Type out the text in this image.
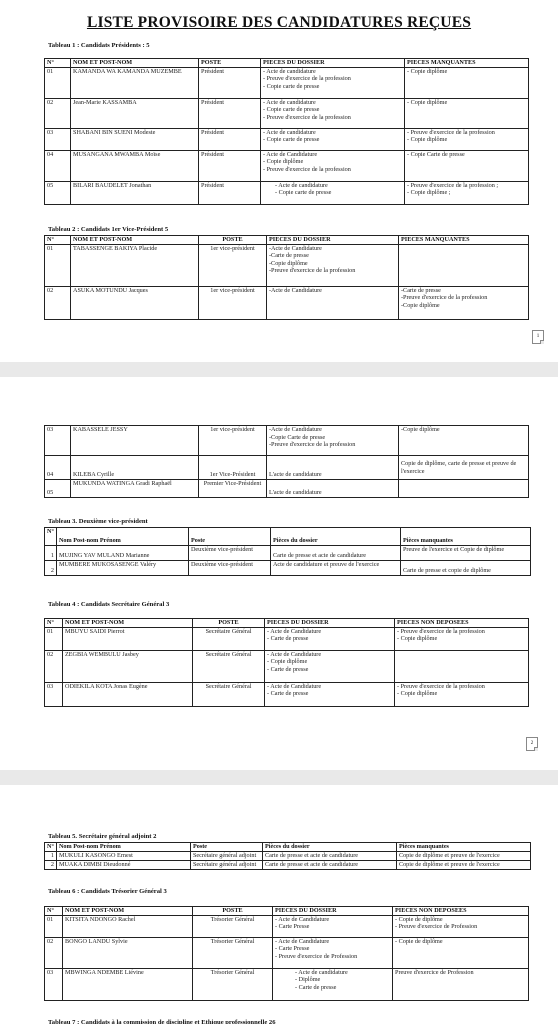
LISTE PROVISOIRE DES CANDIDATURES REÇUES
Tableau 1 : Candidats Présidents : 5
N°	NOM ET POST-NOM	POSTE	PIECES DU DOSSIER	PIECES MANQUANTES
01	KAMANDA WA KAMANDA MUZEMBE	Président	- Acte de candidature
- Preuve d'exercice de la profession
- Copie carte de presse	- Copie diplôme

02	Jean-Marie KASSAMBA	Président	- Acte de candidature
- Copie carte de presse
- Preuve d'exercice de la profession	- Copie diplôme

03	SHABANI BIN SUENI Modeste	Président	- Acte de candidature
- Copie carte de presse	- Preuve d'exercice de la profession
- Copie diplôme

04	MUSANGANA MWAMBA Moïse	Président	- Acte de Candidature
- Copie diplôme
- Preuve d'exercice de la profession	- Copie Carte de presse

05	BILARI BAUDELET Jonathan	Président	- Acte de candidature
- Copie carte de presse	- Preuve d'exercice de la profession ;
- Copie diplôme ;
Tableau 2 : Candidats 1er Vice-Président 5
N°	NOM ET POST-NOM	POSTE	PIECES DU DOSSIER	PIECES MANQUANTES
01	TABASSENGE BAKIYA Placide	1er vice-président	-Acte de Candidature
-Carte de presse
-Copie diplôme
-Preuve d'exercice de la profession	

02	ASUKA MOTUNDU Jacques	1er vice-président	-Acte de Candidature	-Carte de presse
-Preuve d'exercice de la profession
-Copie diplôme
1
03	KABASSELE JESSY	1er vice-président	-Acte de Candidature
-Copie Carte de presse
-Preuve d'exercice de la profession	-Copie diplôme

04	KILEBA Cyrille	1er Vice-Président	L'acte de candidature	Copie de diplôme, carte de presse et preuve de l'exercice
05	MUKUNDA WATINGA Gradi Raphaël	Premier Vice-Président	L'acte de candidature	
Tableau 3. Deuxième vice-président
N°	Nom Post-nom Prénom	Poste	Pièces du dossier	Pièces manquantes
1	MUJING YAV MULAND Marianne	Deuxième vice-président	Carte de presse et acte de candidature	Preuve de l'exercice et Copie de diplôme
2	MUMBERE MUKOSASENGE Valéry	Deuxième vice-président	Acte de candidature et preuve de l'exercice	Carte de presse et copie de diplôme
Tableau 4 : Candidats Secrétaire Général 3
N°	NOM ET POST-NOM	POSTE	PIECES DU DOSSIER	PIECES NON DEPOSEES
01	MBUYU SAIDI Pierrot	Secrétaire Général	- Acte de Candidature
- Carte de presse	- Preuve d'exercice de la profession
- Copie diplôme

02	ZEGBIA WEMBULU Jasbey	Secrétaire Général	- Acte de Candidature
- Copie diplôme
- Carte de presse	

03	ODIEKILA KOTA Jonas Eugène	Secrétaire Général	- Acte de Candidature
- Carte de presse	- Preuve d'exercice de la profession
- Copie diplôme
2
Tableau 5. Secrétaire général adjoint 2
N°	Nom Post-nom Prénom	Poste	Pièces du dossier	Pièces manquantes
1	MUKULI KASONGO Ernest	Secrétaire général adjoint	Carte de presse et acte de candidature	Copie de diplôme et preuve de l'exercice
2	MUAKA DIMBI Dieudonné	Secrétaire général adjoint	Carte de presse et acte de candidature	Copie de diplôme et preuve de l'exercice
Tableau 6 : Candidats Trésorier Général 3
N°	NOM ET POST-NOM	POSTE	PIECES DU DOSSIER	PIECES NON DEPOSEES
01	KITSITA NDONGO Rachel	Trésorier Général	- Acte de Candidature
- Carte Presse	- Copie de diplôme
- Preuve d'exercice de Profession

02	BONGO LANDU Sylvie	Trésorier Général	- Acte de Candidature
- Carte Presse
- Preuve d'exercice de Profession	- Copie de diplôme

03	MBWINGA NDEMBE Liévine	Trésorier Général	- Acte de candidature
- Diplôme
- Carte de presse	Preuve d'exercice de Profession
Tableau 7 : Candidats à la commission de discipline et Ethique professionnelle 26
